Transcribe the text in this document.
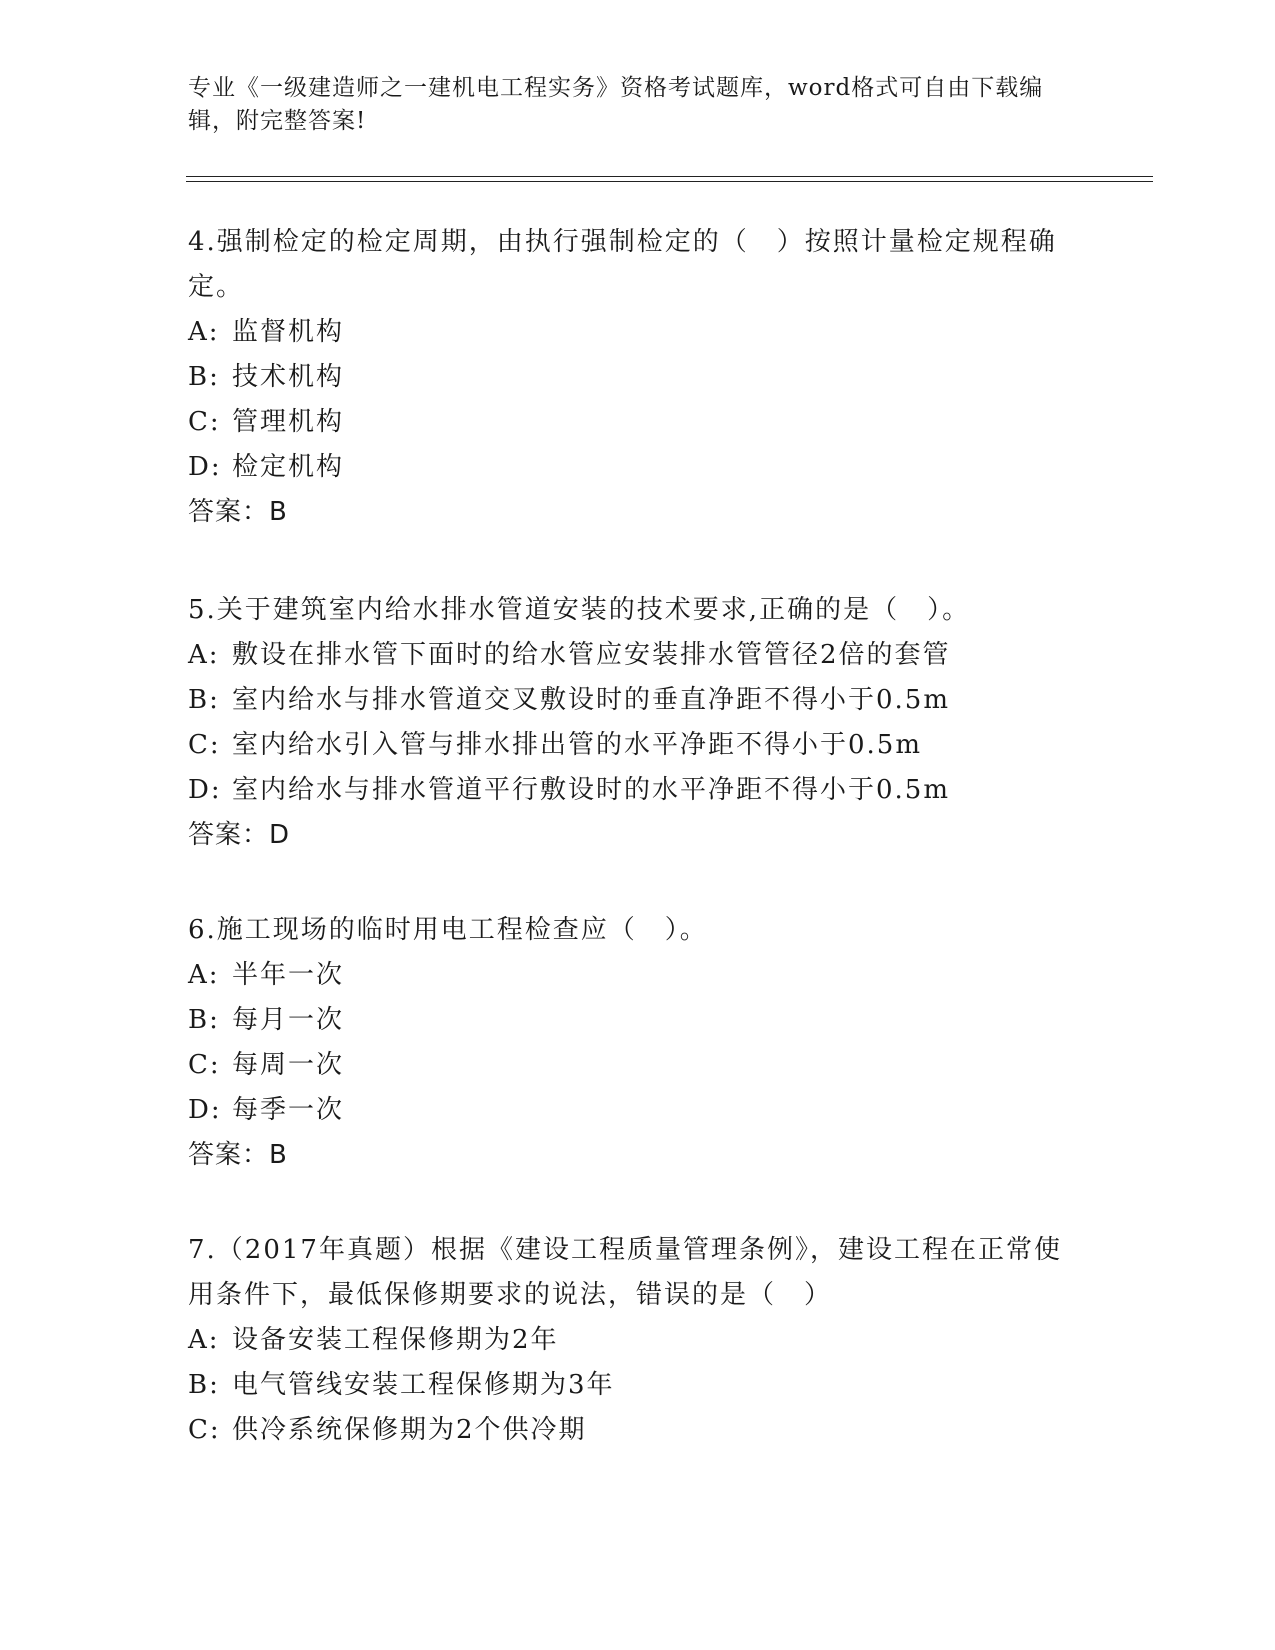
专业《一级建造师之一建机电工程实务》资格考试题库，word格式可自由下载编辑，附完整答案!
4.强制检定的检定周期，由执行强制检定的（　）按照计量检定规程确定。
A: 监督机构
B: 技术机构
C: 管理机构
D: 检定机构
答案：B
5.关于建筑室内给水排水管道安装的技术要求,正确的是（　）。
A: 敷设在排水管下面时的给水管应安装排水管管径2倍的套管
B: 室内给水与排水管道交叉敷设时的垂直净距不得小于0.5m
C: 室内给水引入管与排水排出管的水平净距不得小于0.5m
D: 室内给水与排水管道平行敷设时的水平净距不得小于0.5m
答案：D
6.施工现场的临时用电工程检查应（　）。
A: 半年一次
B: 每月一次
C: 每周一次
D: 每季一次
答案：B
7.（2017年真题）根据《建设工程质量管理条例》，建设工程在正常使用条件下，最低保修期要求的说法，错误的是（　）
A: 设备安装工程保修期为2年
B: 电气管线安装工程保修期为3年
C: 供冷系统保修期为2个供冷期
